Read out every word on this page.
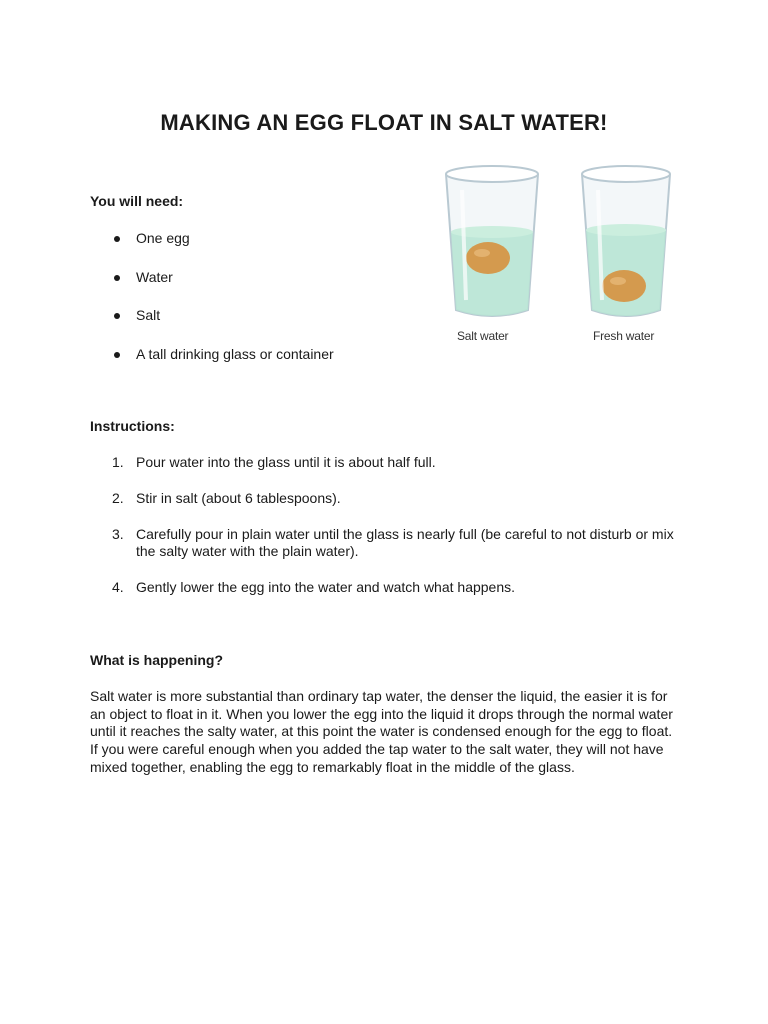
MAKING AN EGG FLOAT IN SALT WATER!
You will need:
One egg
Water
Salt
A tall drinking glass or container
Salt water	Fresh water
Instructions:
1. Pour water into the glass until it is about half full.
2. Stir in salt (about 6 tablespoons).
3. Carefully pour in plain water until the glass is nearly full (be careful to not disturb or mix the salty water with the plain water).
4. Gently lower the egg into the water and watch what happens.
What is happening?

Salt water is more substantial than ordinary tap water, the denser the liquid, the easier it is for an object to float in it. When you lower the egg into the liquid it drops through the normal water until it reaches the salty water, at this point the water is condensed enough for the egg to float. If you were careful enough when you added the tap water to the salt water, they will not have mixed together, enabling the egg to remarkably float in the middle of the glass.
